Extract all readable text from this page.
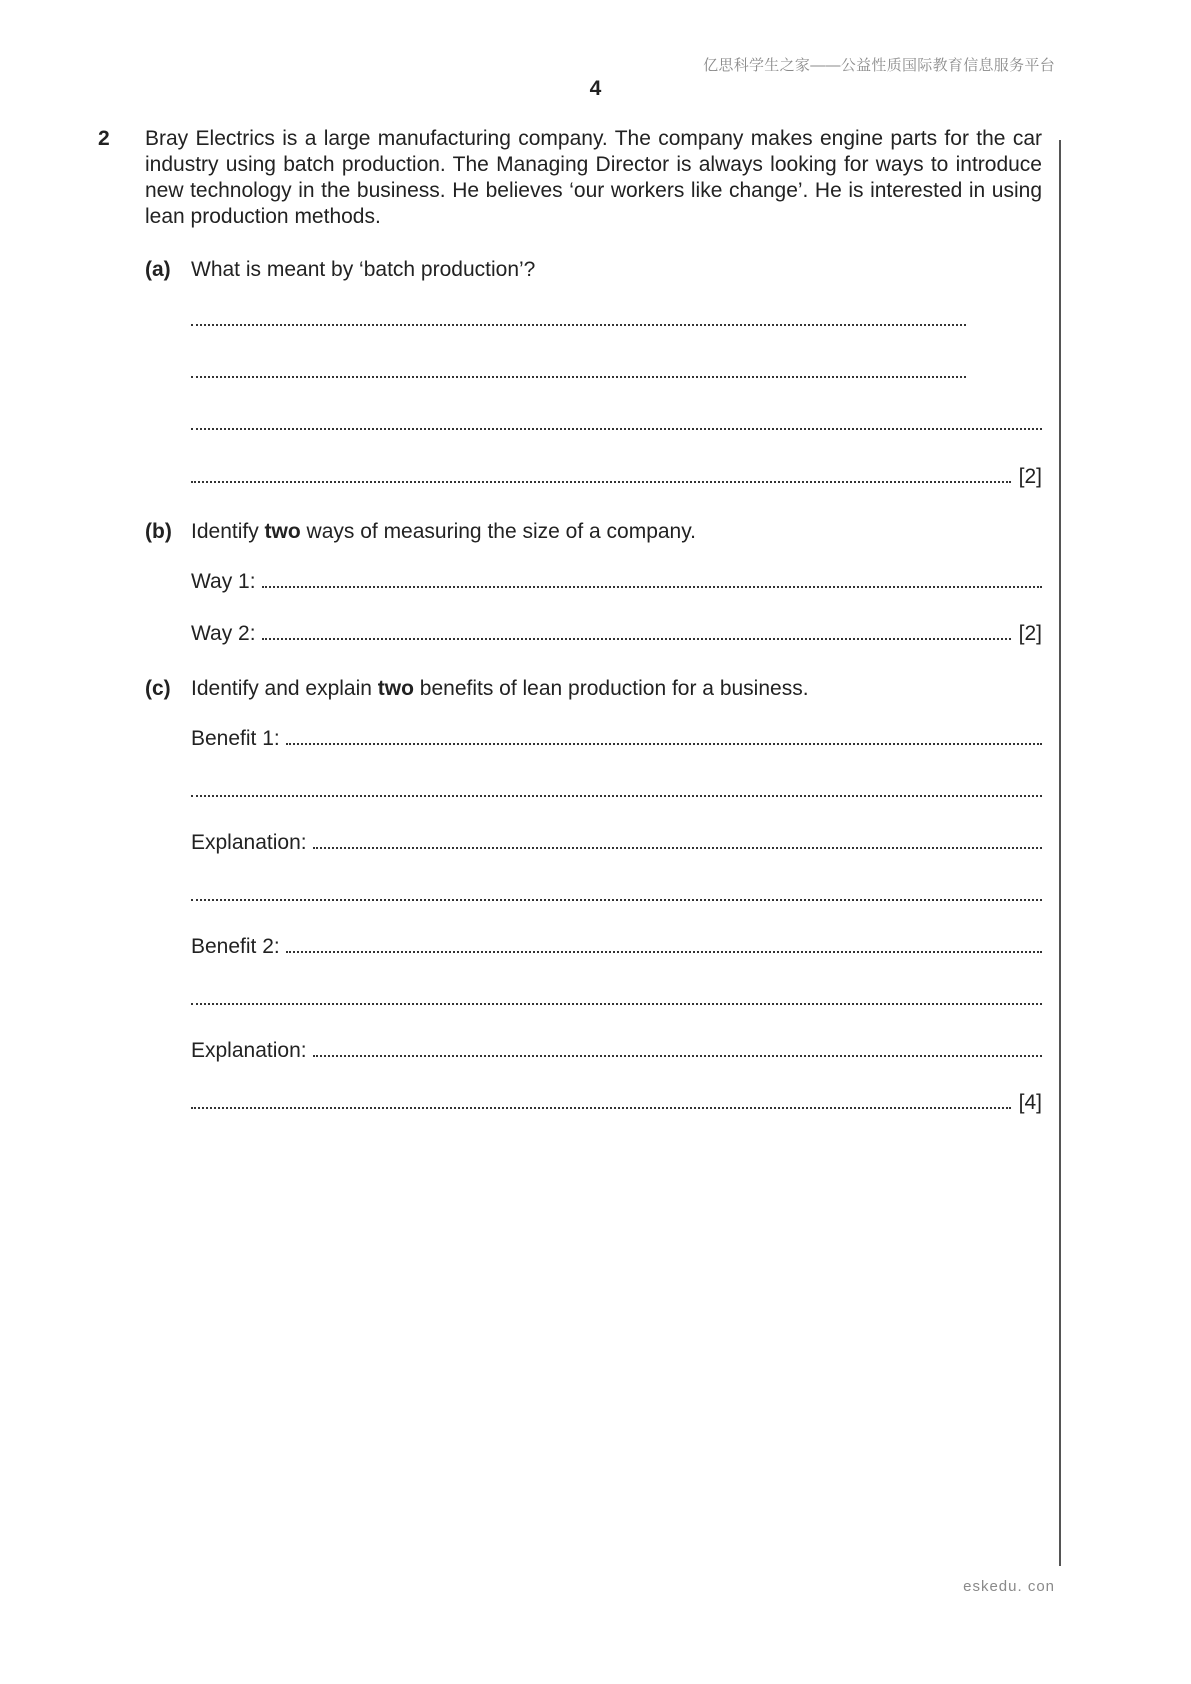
亿思科学生之家——公益性质国际教育信息服务平台
4
2 Bray Electrics is a large manufacturing company. The company makes engine parts for the car industry using batch production. The Managing Director is always looking for ways to introduce new technology in the business. He believes ‘our workers like change’. He is interested in using lean production methods.
(a) What is meant by ‘batch production’?
[2]
(b) Identify two ways of measuring the size of a company.
Way 1:
Way 2:	[2]
(c) Identify and explain two benefits of lean production for a business.
Benefit 1:
Explanation:
Benefit 2:
Explanation:
[4]
eskedu. con
